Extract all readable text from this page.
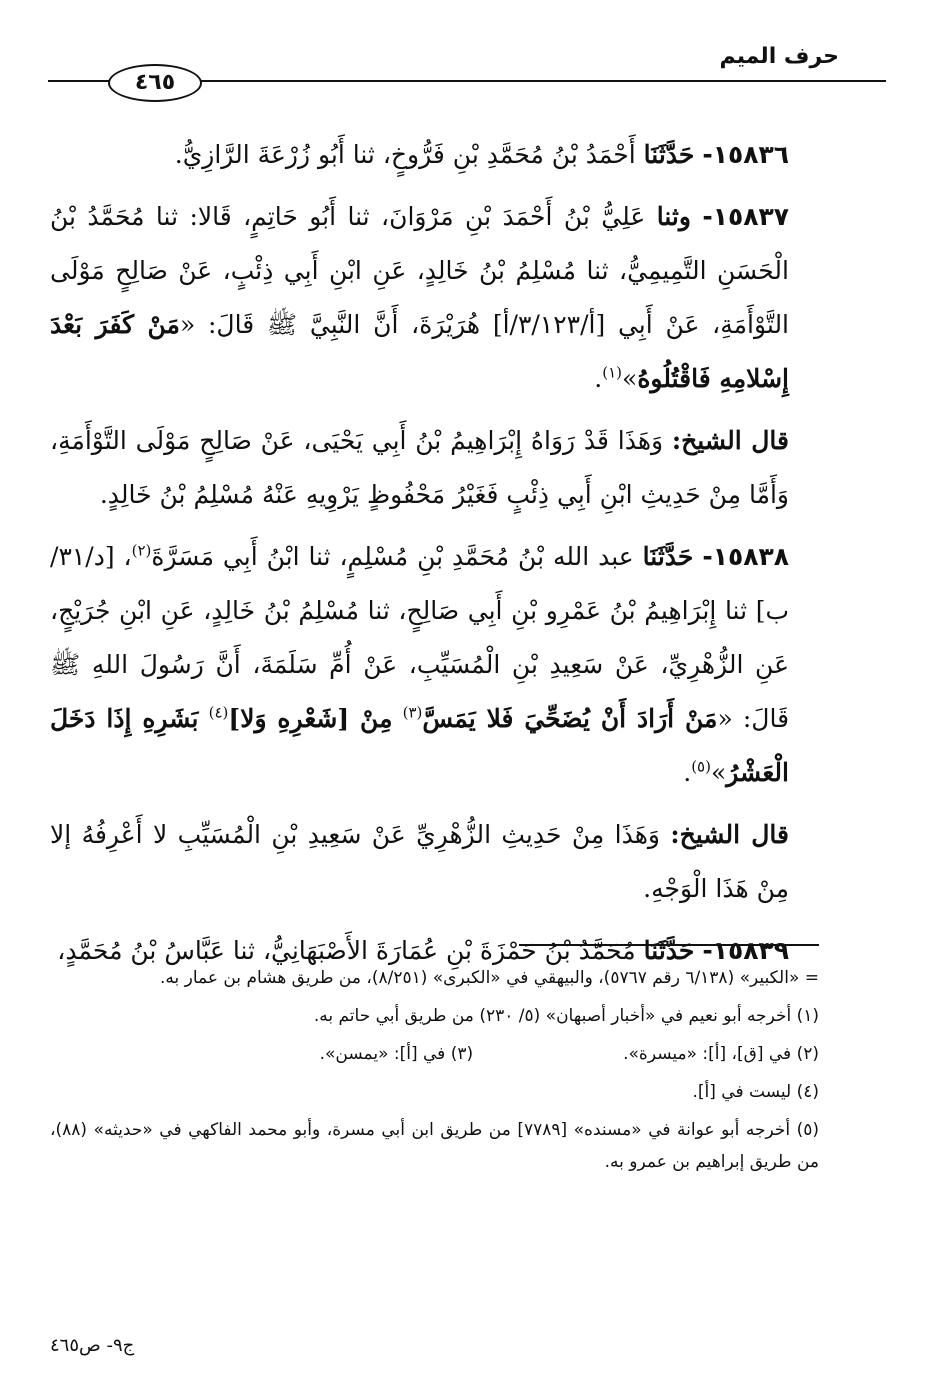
حرف الميم
٤٦٥

١٥٨٣٦- حَدَّثَنَا أَحْمَدُ بْنُ مُحَمَّدِ بْنِ فَرُّوخٍ، ثنا أَبُو زُرْعَةَ الرَّازِيُّ.

١٥٨٣٧- وثنا عَلِيُّ بْنُ أَحْمَدَ بْنِ مَرْوَانَ، ثنا أَبُو حَاتِمٍ، قَالا: ثنا مُحَمَّدُ بْنُ الْحَسَنِ التَّمِيمِيُّ، ثنا مُسْلِمُ بْنُ خَالِدٍ، عَنِ ابْنِ أَبِي ذِئْبٍ، عَنْ صَالِحٍ مَوْلَى التَّوْأَمَةِ، عَنْ أَبِي [أ/٣/١٢٣/أ] هُرَيْرَةَ، أَنَّ النَّبِيَّ ﷺ قَالَ: «مَنْ كَفَرَ بَعْدَ إِسْلامِهِ فَاقْتُلُوهُ»$^{(١)}$.

قال الشيخ: وَهَذَا قَدْ رَوَاهُ إِبْرَاهِيمُ بْنُ أَبِي يَحْيَى، عَنْ صَالِحٍ مَوْلَى التَّوْأَمَةِ، وَأَمَّا مِنْ حَدِيثِ ابْنِ أَبِي ذِئْبٍ فَغَيْرُ مَحْفُوظٍ يَرْوِيهِ عَنْهُ مُسْلِمُ بْنُ خَالِدٍ.

١٥٨٣٨- حَدَّثَنَا عبد الله بْنُ مُحَمَّدِ بْنِ مُسْلِمٍ، ثنا ابْنُ أَبِي مَسَرَّةَ$^{(٢)}$، [د/٣١/ب] ثنا إِبْرَاهِيمُ بْنُ عَمْرِو بْنِ أَبِي صَالِحٍ، ثنا مُسْلِمُ بْنُ خَالِدٍ، عَنِ ابْنِ جُرَيْجٍ، عَنِ الزُّهْرِيِّ، عَنْ سَعِيدِ بْنِ الْمُسَيِّبِ، عَنْ أُمِّ سَلَمَةَ، أَنَّ رَسُولَ اللهِ ﷺ قَالَ: «مَنْ أَرَادَ أَنْ يُضَحِّيَ فَلا يَمَسَّ$^{(٣)}$ مِنْ [شَعْرِهِ وَلا]$^{(٤)}$ بَشَرِهِ إِذَا دَخَلَ الْعَشْرُ»$^{(٥)}$.

قال الشيخ: وَهَذَا مِنْ حَدِيثِ الزُّهْرِيِّ عَنْ سَعِيدِ بْنِ الْمُسَيِّبِ لا أَعْرِفُهُ إلا مِنْ هَذَا الْوَجْهِ.

١٥٨٣٩- حَدَّثَنَا مُحَمَّدُ بْنُ حَمْزَةَ بْنِ عُمَارَةَ الأَصْبَهَانِيُّ، ثنا عَبَّاسُ بْنُ مُحَمَّدٍ،

= «الكبير» (٦/١٣٨ رقم ٥٧٦٧)، والبيهقي في «الكبرى» (٨/٢٥١)، من طريق هشام بن عمار به.

(١) أخرجه أبو نعيم في «أخبار أصبهان» (٥/ ٢٣٠) من طريق أبي حاتم به.

(٢) في [ق]، [أ]: «ميسرة».

(٣) في [أ]: «يمسن».

(٤) ليست في [أ].

(٥) أخرجه أبو عوانة في «مسنده» [٧٧٨٩] من طريق ابن أبي مسرة، وأبو محمد الفاكهي في «حديثه» (٨٨)، من طريق إبراهيم بن عمرو به.

ج٩- ص٤٦٥
